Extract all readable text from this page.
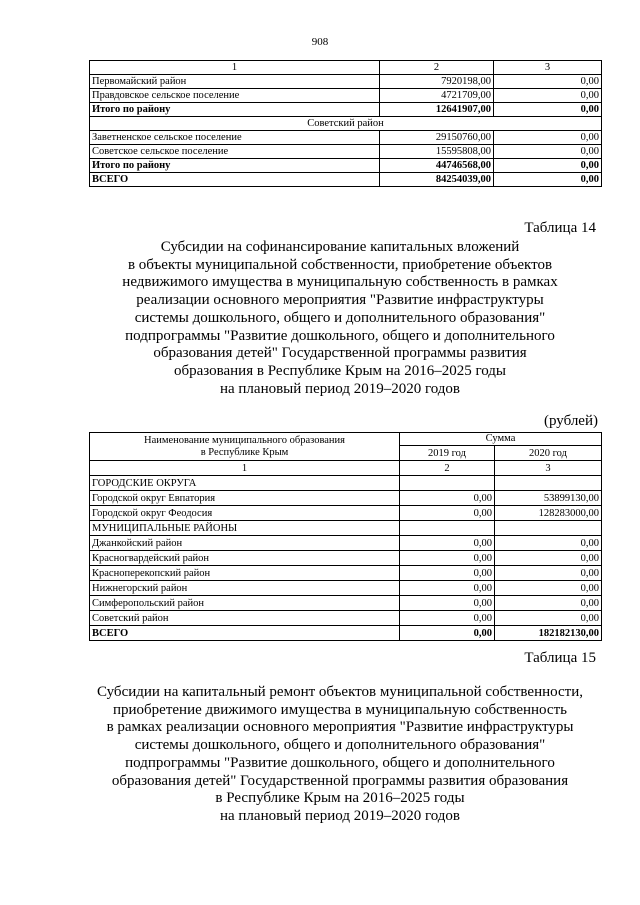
908
1	2	3
Первомайский район	7920198,00	0,00
Правдовское сельское поселение	4721709,00	0,00
Итого по району	12641907,00	0,00
Советский район		
Заветненское сельское поселение	29150760,00	0,00
Советское сельское поселение	15595808,00	0,00
Итого по району	44746568,00	0,00
ВСЕГО	84254039,00	0,00
Таблица 14
Субсидии на софинансирование капитальных вложений
в объекты муниципальной собственности, приобретение объектов
недвижимого имущества в муниципальную собственность в рамках
реализации основного мероприятия "Развитие инфраструктуры
системы дошкольного, общего и дополнительного образования"
подпрограммы "Развитие дошкольного, общего и дополнительного
образования детей" Государственной программы развития
образования в Республике Крым на 2016–2025 годы
на плановый период 2019–2020 годов
(рублей)
Наименование муниципального образования
в Республике Крым	Сумма	
	2019 год	2020 год
1	2	3
ГОРОДСКИЕ ОКРУГА		
Городской округ Евпатория	0,00	53899130,00
Городской округ Феодосия	0,00	128283000,00
МУНИЦИПАЛЬНЫЕ РАЙОНЫ		
Джанкойский район	0,00	0,00
Красногвардейский район	0,00	0,00
Красноперекопский район	0,00	0,00
Нижнегорский район	0,00	0,00
Симферопольский район	0,00	0,00
Советский район	0,00	0,00
ВСЕГО	0,00	182182130,00
Таблица 15
Субсидии на капитальный ремонт объектов муниципальной собственности,
приобретение движимого имущества в муниципальную собственность
в рамках реализации основного мероприятия "Развитие инфраструктуры
системы дошкольного, общего и дополнительного образования"
подпрограммы "Развитие дошкольного, общего и дополнительного
образования детей" Государственной программы развития образования
в Республике Крым на 2016–2025 годы
на плановый период 2019–2020 годов
